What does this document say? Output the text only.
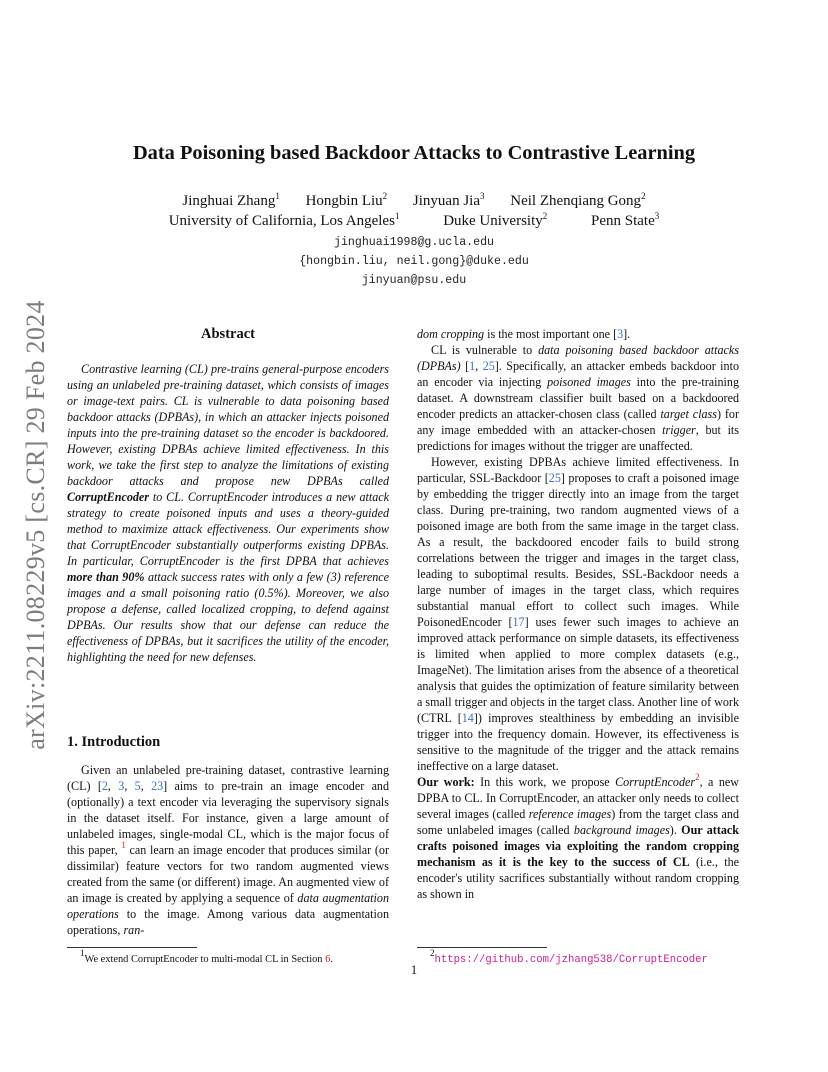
arXiv:2211.08229v5 [cs.CR] 29 Feb 2024
Data Poisoning based Backdoor Attacks to Contrastive Learning
Jinghuai Zhang$^1$ Hongbin Liu$^2$ Jinyuan Jia$^3$ Neil Zhenqiang Gong$^2$
University of California, Los Angeles$^1$	Duke University$^2$	Penn State$^3$
jinghuai1998@g.ucla.edu
{hongbin.liu, neil.gong}@duke.edu
jinyuan@psu.edu
Abstract

Contrastive learning (CL) pre-trains general-purpose encoders using an unlabeled pre-training dataset, which consists of images or image-text pairs. CL is vulnerable to data poisoning based backdoor attacks (DPBAs), in which an attacker injects poisoned inputs into the pre-training dataset so the encoder is backdoored. However, existing DPBAs achieve limited effectiveness. In this work, we take the first step to analyze the limitations of existing backdoor attacks and propose new DPBAs called CorruptEncoder to CL. CorruptEncoder introduces a new attack strategy to create poisoned inputs and uses a theory-guided method to maximize attack effectiveness. Our experiments show that CorruptEncoder substantially outperforms existing DPBAs. In particular, CorruptEncoder is the first DPBA that achieves more than 90% attack success rates with only a few (3) reference images and a small poisoning ratio (0.5%). Moreover, we also propose a defense, called localized cropping, to defend against DPBAs. Our results show that our defense can reduce the effectiveness of DPBAs, but it sacrifices the utility of the encoder, highlighting the need for new defenses.

1. Introduction

Given an unlabeled pre-training dataset, contrastive learning (CL) [2, 3, 5, 23] aims to pre-train an image encoder and (optionally) a text encoder via leveraging the supervisory signals in the dataset itself. For instance, given a large amount of unlabeled images, single-modal CL, which is the major focus of this paper, $^1$ can learn an image encoder that produces similar (or dissimilar) feature vectors for two random augmented views created from the same (or different) image. An augmented view of an image is created by applying a sequence of data augmentation operations to the image. Among various data augmentation operations, ran-

$^1$We extend CorruptEncoder to multi-modal CL in Section 6.

dom cropping is the most important one [3].

CL is vulnerable to data poisoning based backdoor attacks (DPBAs) [1, 25]. Specifically, an attacker embeds backdoor into an encoder via injecting poisoned images into the pre-training dataset. A downstream classifier built based on a backdoored encoder predicts an attacker-chosen class (called target class) for any image embedded with an attacker-chosen trigger, but its predictions for images without the trigger are unaffected.

However, existing DPBAs achieve limited effectiveness. In particular, SSL-Backdoor [25] proposes to craft a poisoned image by embedding the trigger directly into an image from the target class. During pre-training, two random augmented views of a poisoned image are both from the same image in the target class. As a result, the backdoored encoder fails to build strong correlations between the trigger and images in the target class, leading to suboptimal results. Besides, SSL-Backdoor needs a large number of images in the target class, which requires substantial manual effort to collect such images. While PoisonedEncoder [17] uses fewer such images to achieve an improved attack performance on simple datasets, its effectiveness is limited when applied to more complex datasets (e.g., ImageNet). The limitation arises from the absence of a theoretical analysis that guides the optimization of feature similarity between a small trigger and objects in the target class. Another line of work (CTRL [14]) improves stealthiness by embedding an invisible trigger into the frequency domain. However, its effectiveness is sensitive to the magnitude of the trigger and the attack remains ineffective on a large dataset.

Our work: In this work, we propose CorruptEncoder$^2$, a new DPBA to CL. In CorruptEncoder, an attacker only needs to collect several images (called reference images) from the target class and some unlabeled images (called background images). Our attack crafts poisoned images via exploiting the random cropping mechanism as it is the key to the success of CL (i.e., the encoder's utility sacrifices substantially without random cropping as shown in

$^2$https://github.com/jzhang538/CorruptEncoder
1
